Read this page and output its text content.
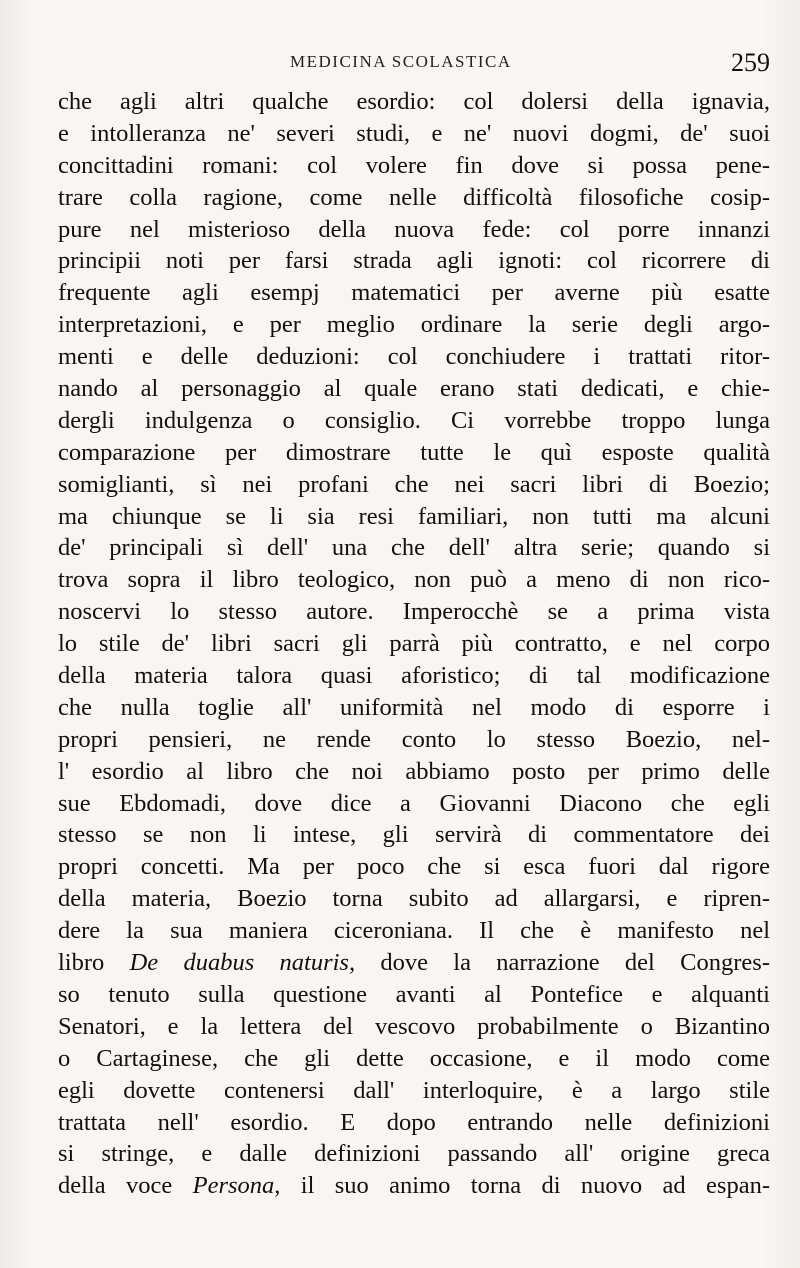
MEDICINA SCOLASTICA	259
che agli altri qualche esordio: col dolersi della ignavia,
e intolleranza ne' severi studi, e ne' nuovi dogmi, de' suoi
concittadini romani: col volere fin dove si possa pene-
trare colla ragione, come nelle difficoltà filosofiche cosip-
pure nel misterioso della nuova fede: col porre innanzi
principii noti per farsi strada agli ignoti: col ricorrere di
frequente agli esempj matematici per averne più esatte
interpretazioni, e per meglio ordinare la serie degli argo-
menti e delle deduzioni: col conchiudere i trattati ritor-
nando al personaggio al quale erano stati dedicati, e chie-
dergli indulgenza o consiglio. Ci vorrebbe troppo lunga
comparazione per dimostrare tutte le quì esposte qualità
somiglianti, sì nei profani che nei sacri libri di Boezio;
ma chiunque se li sia resi familiari, non tutti ma alcuni
de' principali sì dell' una che dell' altra serie; quando si
trova sopra il libro teologico, non può a meno di non rico-
noscervi lo stesso autore. Imperocchè se a prima vista
lo stile de' libri sacri gli parrà più contratto, e nel corpo
della materia talora quasi aforistico; di tal modificazione
che nulla toglie all' uniformità nel modo di esporre i
propri pensieri, ne rende conto lo stesso Boezio, nel-
l' esordio al libro che noi abbiamo posto per primo delle
sue Ebdomadi, dove dice a Giovanni Diacono che egli
stesso se non li intese, gli servirà di commentatore dei
propri concetti. Ma per poco che si esca fuori dal rigore
della materia, Boezio torna subito ad allargarsi, e ripren-
dere la sua maniera ciceroniana. Il che è manifesto nel
libro De duabus naturis, dove la narrazione del Congres-
so tenuto sulla questione avanti al Pontefice e alquanti
Senatori, e la lettera del vescovo probabilmente o Bizantino
o Cartaginese, che gli dette occasione, e il modo come
egli dovette contenersi dall' interloquire, è a largo stile
trattata nell' esordio. E dopo entrando nelle definizioni
si stringe, e dalle definizioni passando all' origine greca
della voce Persona, il suo animo torna di nuovo ad espan-
